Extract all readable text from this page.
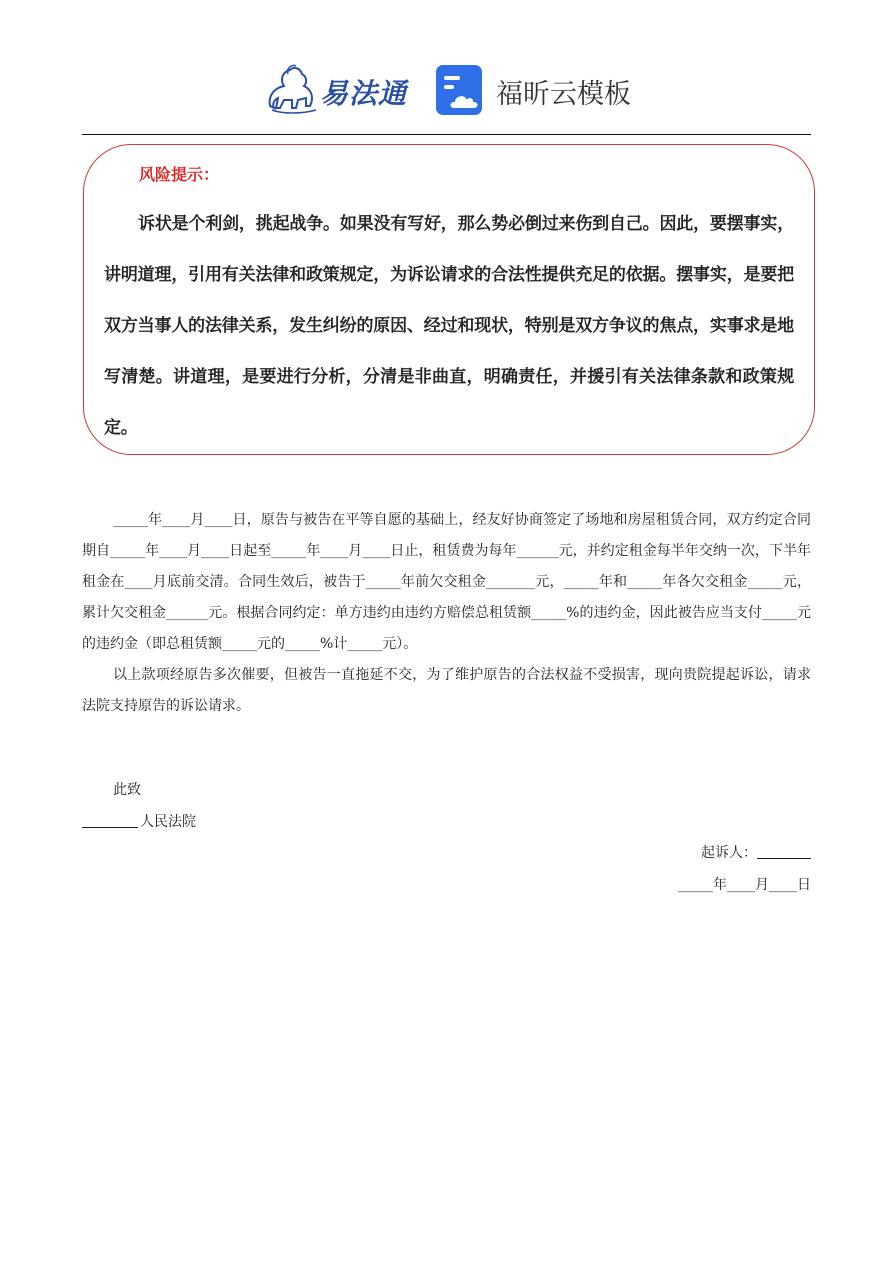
易法通	福昕云模板
风险提示：
诉状是个利剑，挑起战争。如果没有写好，那么势必倒过来伤到自己。因此，要摆事实，讲明道理，引用有关法律和政策规定，为诉讼请求的合法性提供充足的依据。摆事实，是要把双方当事人的法律关系，发生纠纷的原因、经过和现状，特别是双方争议的焦点，实事求是地写清楚。讲道理，是要进行分析，分清是非曲直，明确责任，并援引有关法律条款和政策规定。

_____年____月____日，原告与被告在平等自愿的基础上，经友好协商签定了场地和房屋租赁合同，双方约定合同期自_____年____月____日起至_____年____月____日止，租赁费为每年______元，并约定租金每半年交纳一次，下半年租金在____月底前交清。合同生效后，被告于_____年前欠交租金_______元，_____年和_____年各欠交租金_____元，累计欠交租金______元。根据合同约定：单方违约由违约方赔偿总租赁额_____%的违约金，因此被告应当支付_____元的违约金（即总租赁额_____元的_____%计_____元）。

以上款项经原告多次催要，但被告一直拖延不交，为了维护原告的合法权益不受损害，现向贵院提起诉讼，请求法院支持原告的诉讼请求。

此致
人民法院
起诉人：
_____年____月____日
